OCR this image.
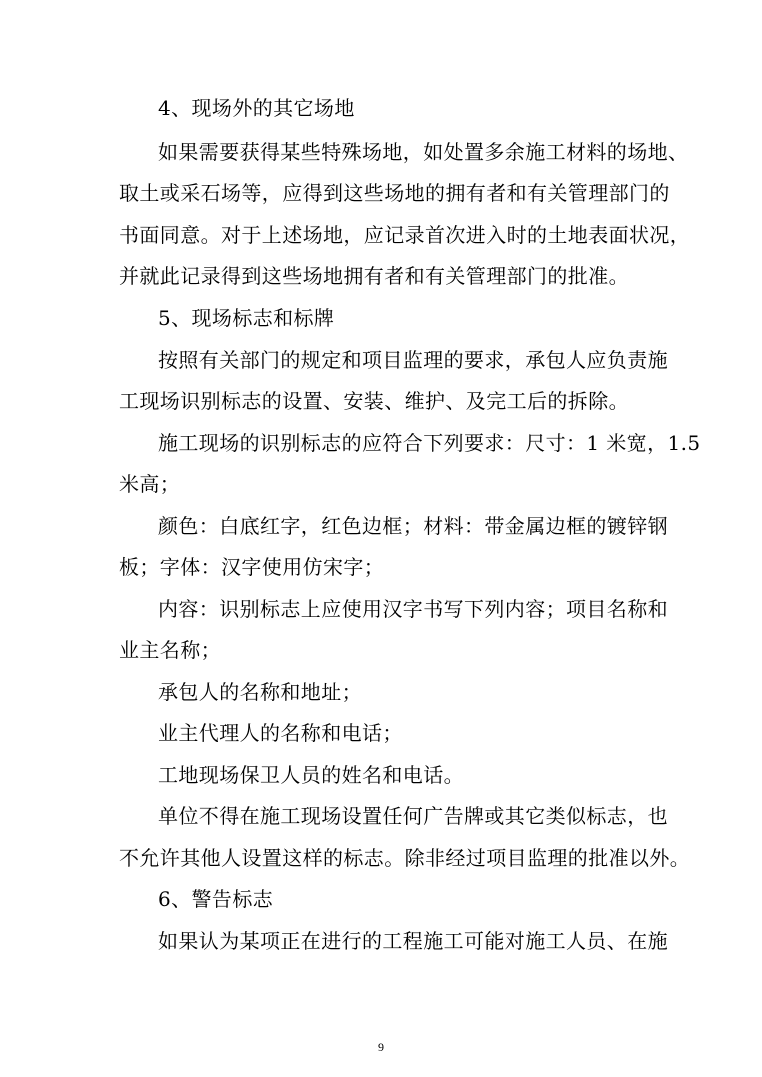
4、现场外的其它场地
如果需要获得某些特殊场地，如处置多余施工材料的场地、
取土或采石场等，应得到这些场地的拥有者和有关管理部门的
书面同意。对于上述场地，应记录首次进入时的土地表面状况，
并就此记录得到这些场地拥有者和有关管理部门的批准。
5、现场标志和标牌
按照有关部门的规定和项目监理的要求，承包人应负责施
工现场识别标志的设置、安装、维护、及完工后的拆除。
施工现场的识别标志的应符合下列要求：尺寸：1 米宽，1.5
米高；
颜色：白底红字，红色边框；材料：带金属边框的镀锌钢
板；字体：汉字使用仿宋字；
内容：识别标志上应使用汉字书写下列内容；项目名称和
业主名称；
承包人的名称和地址；
业主代理人的名称和电话；
工地现场保卫人员的姓名和电话。
单位不得在施工现场设置任何广告牌或其它类似标志，也
不允许其他人设置这样的标志。除非经过项目监理的批准以外。
6、警告标志
如果认为某项正在进行的工程施工可能对施工人员、在施
9
